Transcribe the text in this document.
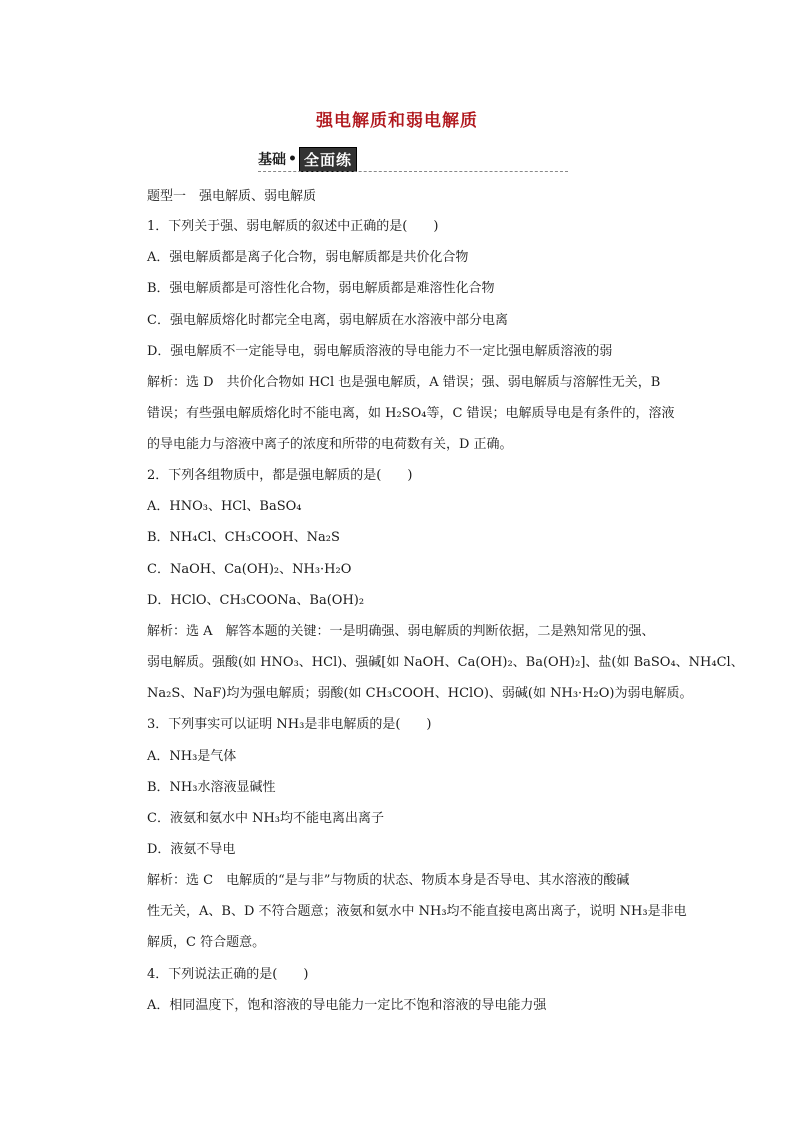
强电解质和弱电解质
基础 • 全面练
题型一　强电解质、弱电解质
1．下列关于强、弱电解质的叙述中正确的是(　　)
A．强电解质都是离子化合物，弱电解质都是共价化合物
B．强电解质都是可溶性化合物，弱电解质都是难溶性化合物
C．强电解质熔化时都完全电离，弱电解质在水溶液中部分电离
D．强电解质不一定能导电，弱电解质溶液的导电能力不一定比强电解质溶液的弱
解析：选 D　共价化合物如 HCl 也是强电解质，A 错误；强、弱电解质与溶解性无关，B
错误；有些强电解质熔化时不能电离，如 H₂SO₄等，C 错误；电解质导电是有条件的，溶液
的导电能力与溶液中离子的浓度和所带的电荷数有关，D 正确。
2．下列各组物质中，都是强电解质的是(　　)
A．HNO₃、HCl、BaSO₄
B．NH₄Cl、CH₃COOH、Na₂S
C．NaOH、Ca(OH)₂、NH₃·H₂O
D．HClO、CH₃COONa、Ba(OH)₂
解析：选 A　解答本题的关键：一是明确强、弱电解质的判断依据，二是熟知常见的强、
弱电解质。强酸(如 HNO₃、HCl)、强碱[如 NaOH、Ca(OH)₂、Ba(OH)₂]、盐(如 BaSO₄、NH₄Cl、
Na₂S、NaF)均为强电解质；弱酸(如 CH₃COOH、HClO)、弱碱(如 NH₃·H₂O)为弱电解质。
3．下列事实可以证明 NH₃是非电解质的是(　　)
A．NH₃是气体
B．NH₃水溶液显碱性
C．液氨和氨水中 NH₃均不能电离出离子
D．液氨不导电
解析：选 C　电解质的“是与非”与物质的状态、物质本身是否导电、其水溶液的酸碱
性无关，A、B、D 不符合题意；液氨和氨水中 NH₃均不能直接电离出离子，说明 NH₃是非电
解质，C 符合题意。
4．下列说法正确的是(　　)
A．相同温度下，饱和溶液的导电能力一定比不饱和溶液的导电能力强
